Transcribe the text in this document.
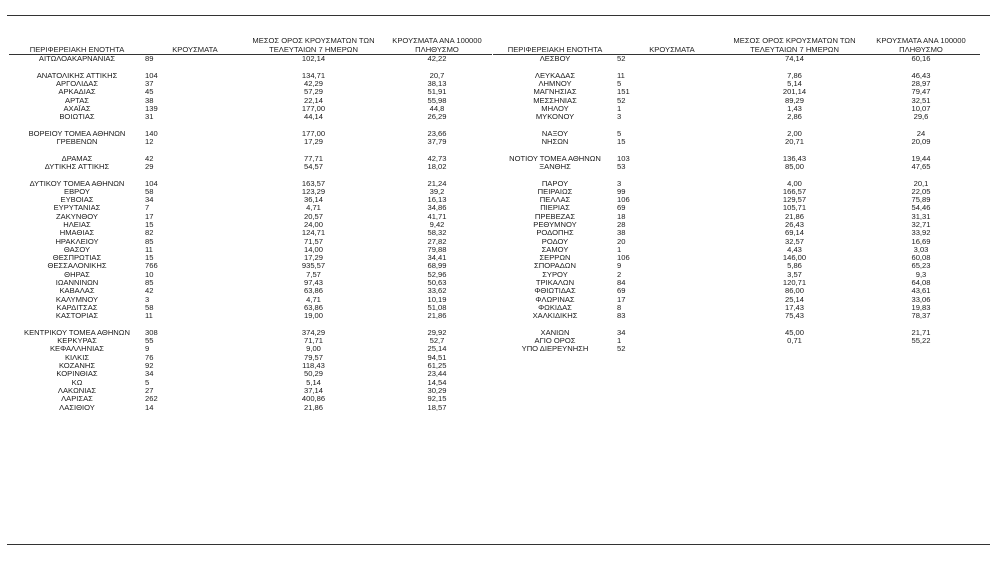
ΠΕΡΙΦΕΡΕΙΑΚΗ ΕΝΟΤΗΤΑ	ΚΡΟΥΣΜΑΤΑ	ΜΕΣΟΣ ΟΡΟΣ ΚΡΟΥΣΜΑΤΩΝ ΤΩΝ ΤΕΛΕΥΤΑΙΩΝ 7 ΗΜΕΡΩΝ	ΚΡΟΥΣΜΑΤΑ ΑΝΑ 100000 ΠΛΗΘΥΣΜΟ
ΑΙΤΩΛΟΑΚΑΡΝΑΝΙΑΣ	89	102,14	42,22

ΑΝΑΤΟΛΙΚΗΣ ΑΤΤΙΚΗΣ	104	134,71	20,7
ΑΡΓΟΛΙΔΑΣ	37	42,29	38,13
ΑΡΚΑΔΙΑΣ	45	57,29	51,91
ΑΡΤΑΣ	38	22,14	55,98
ΑΧΑΪΑΣ	139	177,00	44,8
ΒΟΙΩΤΙΑΣ	31	44,14	26,29

ΒΟΡΕΙΟΥ ΤΟΜΕΑ ΑΘΗΝΩΝ	140	177,00	23,66
ΓΡΕΒΕΝΩΝ	12	17,29	37,79

ΔΡΑΜΑΣ	42	77,71	42,73
ΔΥΤΙΚΗΣ ΑΤΤΙΚΗΣ	29	54,57	18,02

ΔΥΤΙΚΟΥ ΤΟΜΕΑ ΑΘΗΝΩΝ	104	163,57	21,24
ΕΒΡΟΥ	58	123,29	39,2
ΕΥΒΟΙΑΣ	34	36,14	16,13
ΕΥΡΥΤΑΝΙΑΣ	7	4,71	34,86
ΖΑΚΥΝΘΟΥ	17	20,57	41,71
ΗΛΕΙΑΣ	15	24,00	9,42
ΗΜΑΘΙΑΣ	82	124,71	58,32
ΗΡΑΚΛΕΙΟΥ	85	71,57	27,82
ΘΑΣΟΥ	11	14,00	79,88
ΘΕΣΠΡΩΤΙΑΣ	15	17,29	34,41
ΘΕΣΣΑΛΟΝΙΚΗΣ	766	935,57	68,99
ΘΗΡΑΣ	10	7,57	52,96
ΙΩΑΝΝΙΝΩΝ	85	97,43	50,63
ΚΑΒΑΛΑΣ	42	63,86	33,62
ΚΑΛΥΜΝΟΥ	3	4,71	10,19
ΚΑΡΔΙΤΣΑΣ	58	63,86	51,08
ΚΑΣΤΟΡΙΑΣ	11	19,00	21,86

ΚΕΝΤΡΙΚΟΥ ΤΟΜΕΑ ΑΘΗΝΩΝ	308	374,29	29,92
ΚΕΡΚΥΡΑΣ	55	71,71	52,7
ΚΕΦΑΛΛΗΝΙΑΣ	9	9,00	25,14
ΚΙΛΚΙΣ	76	79,57	94,51
ΚΟΖΑΝΗΣ	92	118,43	61,25
ΚΟΡΙΝΘΙΑΣ	34	50,29	23,44
ΚΩ	5	5,14	14,54
ΛΑΚΩΝΙΑΣ	27	37,14	30,29
ΛΑΡΙΣΑΣ	262	400,86	92,15
ΛΑΣΙΘΙΟΥ	14	21,86	18,57
ΠΕΡΙΦΕΡΕΙΑΚΗ ΕΝΟΤΗΤΑ	ΚΡΟΥΣΜΑΤΑ	ΜΕΣΟΣ ΟΡΟΣ ΚΡΟΥΣΜΑΤΩΝ ΤΩΝ ΤΕΛΕΥΤΑΙΩΝ 7 ΗΜΕΡΩΝ	ΚΡΟΥΣΜΑΤΑ ΑΝΑ 100000 ΠΛΗΘΥΣΜΟ
ΛΕΣΒΟΥ	52	74,14	60,16

ΛΕΥΚΑΔΑΣ	11	7,86	46,43
ΛΗΜΝΟΥ	5	5,14	28,97
ΜΑΓΝΗΣΙΑΣ	151	201,14	79,47
ΜΕΣΣΗΝΙΑΣ	52	89,29	32,51
ΜΗΛΟΥ	1	1,43	10,07
ΜΥΚΟΝΟΥ	3	2,86	29,6

ΝΑΞΟΥ	5	2,00	24
ΝΗΣΩΝ	15	20,71	20,09

ΝΟΤΙΟΥ ΤΟΜΕΑ ΑΘΗΝΩΝ	103	136,43	19,44
ΞΑΝΘΗΣ	53	85,00	47,65

ΠΑΡΟΥ	3	4,00	20,1
ΠΕΙΡΑΙΩΣ	99	166,57	22,05
ΠΕΛΛΑΣ	106	129,57	75,89
ΠΙΕΡΙΑΣ	69	105,71	54,46
ΠΡΕΒΕΖΑΣ	18	21,86	31,31
ΡΕΘΥΜΝΟΥ	28	26,43	32,71
ΡΟΔΟΠΗΣ	38	69,14	33,92
ΡΟΔΟΥ	20	32,57	16,69
ΣΑΜΟΥ	1	4,43	3,03
ΣΕΡΡΩΝ	106	146,00	60,08
ΣΠΟΡΑΔΩΝ	9	5,86	65,23
ΣΥΡΟΥ	2	3,57	9,3
ΤΡΙΚΑΛΩΝ	84	120,71	64,08
ΦΘΙΩΤΙΔΑΣ	69	86,00	43,61
ΦΛΩΡΙΝΑΣ	17	25,14	33,06
ΦΩΚΙΔΑΣ	8	17,43	19,83
ΧΑΛΚΙΔΙΚΗΣ	83	75,43	78,37

ΧΑΝΙΩΝ	34	45,00	21,71
ΑΓΙΟ ΟΡΟΣ	1	0,71	55,22
ΥΠΟ ΔΙΕΡΕΥΝΗΣΗ	52		
